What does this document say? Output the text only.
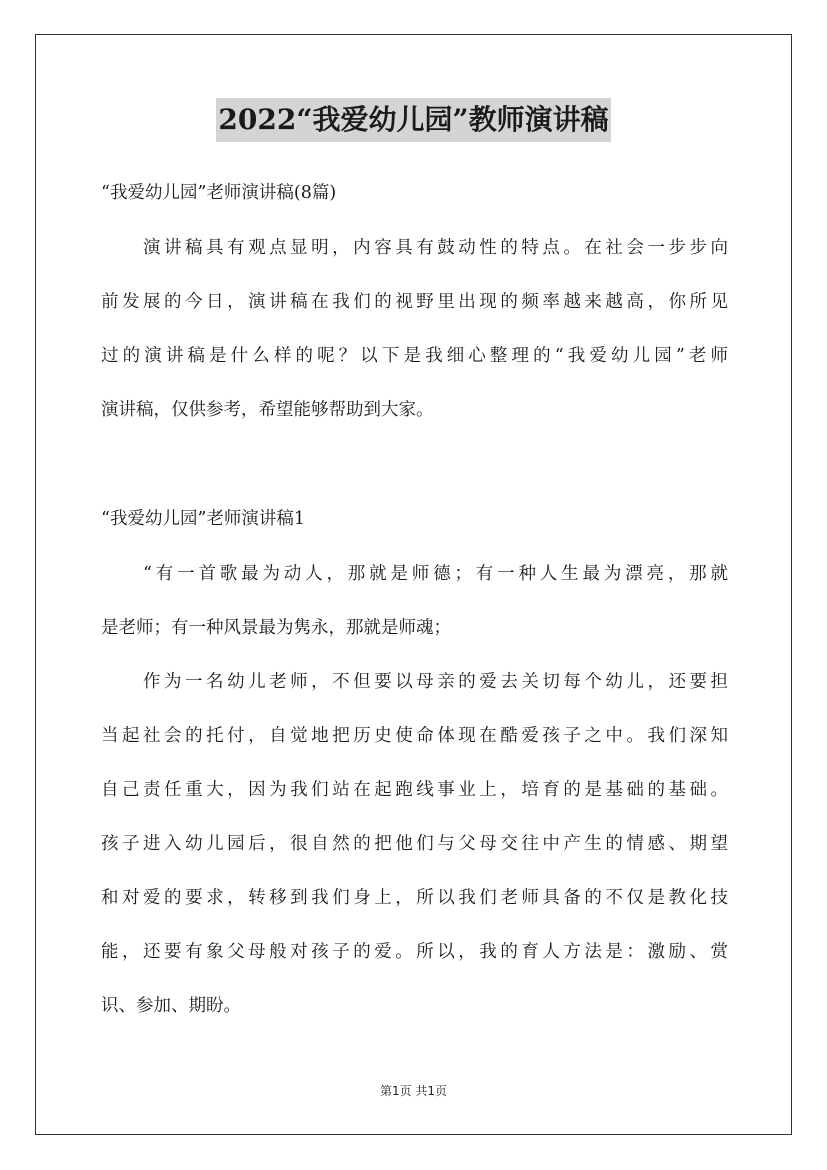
2022“我爱幼儿园”教师演讲稿
“我爱幼儿园”老师演讲稿(8篇)
演讲稿具有观点显明，内容具有鼓动性的特点。在社会一步步向
前发展的今日，演讲稿在我们的视野里出现的频率越来越高，你所见
过的演讲稿是什么样的呢？以下是我细心整理的“我爱幼儿园”老师
演讲稿，仅供参考，希望能够帮助到大家。
“我爱幼儿园”老师演讲稿1
“有一首歌最为动人，那就是师德；有一种人生最为漂亮，那就
是老师；有一种风景最为隽永，那就是师魂；
作为一名幼儿老师，不但要以母亲的爱去关切每个幼儿，还要担
当起社会的托付，自觉地把历史使命体现在酷爱孩子之中。我们深知
自己责任重大，因为我们站在起跑线事业上，培育的是基础的基础。
孩子进入幼儿园后，很自然的把他们与父母交往中产生的情感、期望
和对爱的要求，转移到我们身上，所以我们老师具备的不仅是教化技
能，还要有象父母般对孩子的爱。所以，我的育人方法是：激励、赏
识、参加、期盼。
第1页 共1页
